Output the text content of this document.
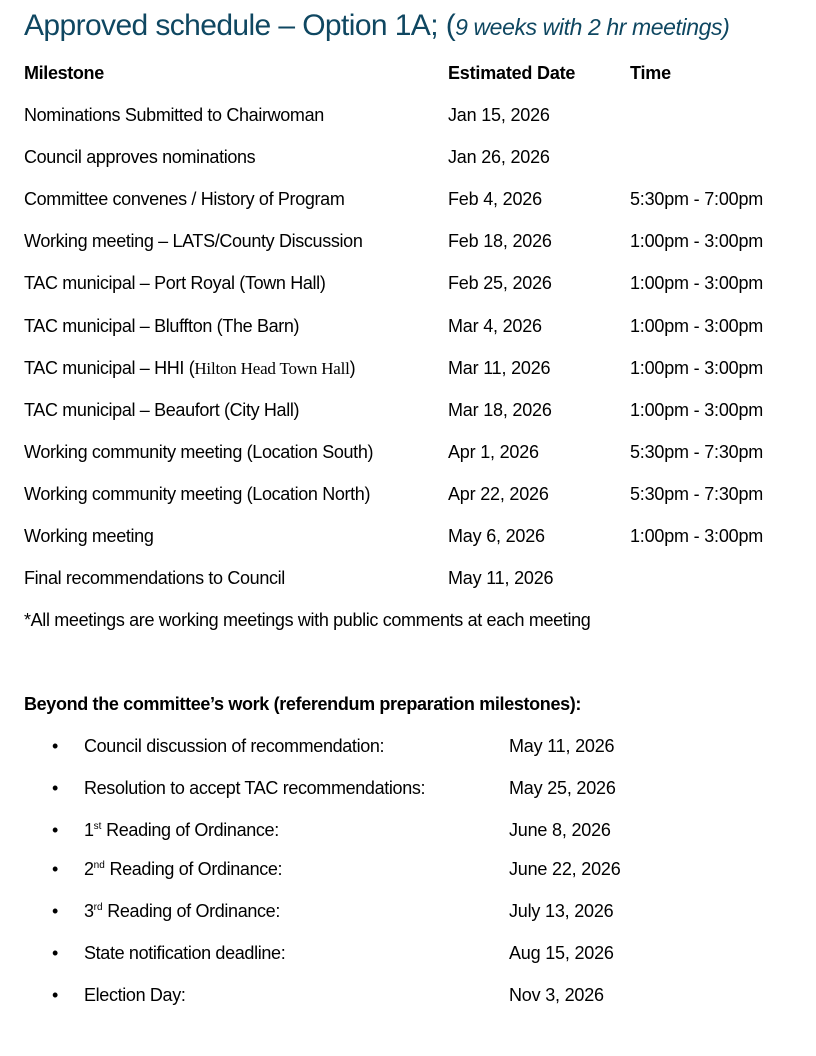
Approved schedule – Option 1A; (9 weeks with 2 hr meetings)
Milestone	Estimated Date	Time
Nominations Submitted to Chairwoman	Jan 15, 2026
Council approves nominations	Jan 26, 2026
Committee convenes / History of Program	Feb 4, 2026	5:30pm - 7:00pm
Working meeting – LATS/County Discussion	Feb 18, 2026	1:00pm - 3:00pm
TAC municipal – Port Royal (Town Hall)	Feb 25, 2026	1:00pm - 3:00pm
TAC municipal – Bluffton (The Barn)	Mar 4, 2026	1:00pm - 3:00pm
TAC municipal – HHI (Hilton Head Town Hall)	Mar 11, 2026	1:00pm - 3:00pm
TAC municipal – Beaufort (City Hall)	Mar 18, 2026	1:00pm - 3:00pm
Working community meeting (Location South)	Apr 1, 2026	5:30pm - 7:30pm
Working community meeting (Location North)	Apr 22, 2026	5:30pm - 7:30pm
Working meeting	May 6, 2026	1:00pm - 3:00pm
Final recommendations to Council	May 11, 2026
*All meetings are working meetings with public comments at each meeting
Beyond the committee’s work (referendum preparation milestones):
• Council discussion of recommendation:	May 11, 2026
• Resolution to accept TAC recommendations:	May 25, 2026
• 1st Reading of Ordinance:	June 8, 2026
• 2nd Reading of Ordinance:	June 22, 2026
• 3rd Reading of Ordinance:	July 13, 2026
• State notification deadline:	Aug 15, 2026
• Election Day:	Nov 3, 2026
